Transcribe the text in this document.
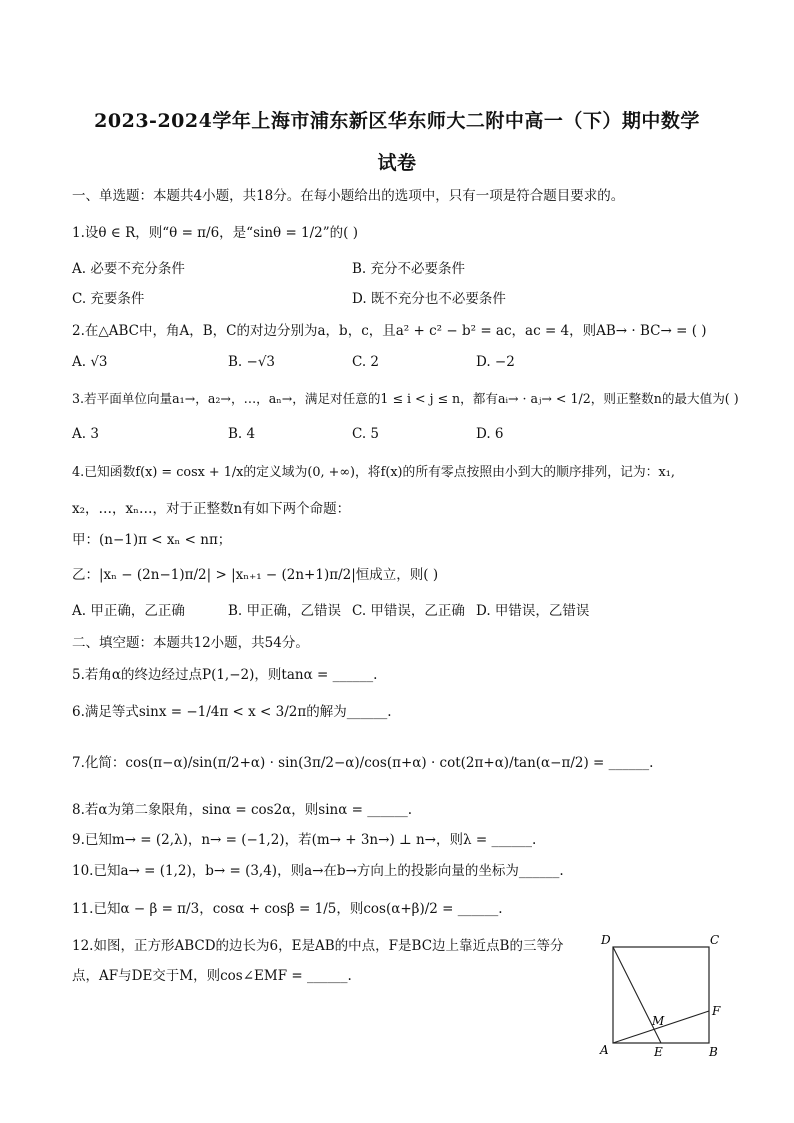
2023-2024学年上海市浦东新区华东师大二附中高一（下）期中数学
试卷
一、单选题：本题共4小题，共18分。在每小题给出的选项中，只有一项是符合题目要求的。
1.设θ ∈ R，则“θ = π/6，是“sinθ = 1/2”的( )
A. 必要不充分条件	B. 充分不必要条件
C. 充要条件	D. 既不充分也不必要条件
2.在△ABC中，角A，B，C的对边分别为a，b，c，且a² + c² − b² = ac，ac = 4，则AB→ · BC→ = ( )
A. √3	B. −√3	C. 2	D. −2
3.若平面单位向量a₁→，a₂→，…，aₙ→，满足对任意的1 ≤ i < j ≤ n，都有aᵢ→ · aⱼ→ < 1/2，则正整数n的最大值为( )
A. 3	B. 4	C. 5	D. 6
4.已知函数f(x) = cosx + 1/x的定义域为(0, +∞)，将f(x)的所有零点按照由小到大的顺序排列，记为：x₁,
x₂，…，xₙ…，对于正整数n有如下两个命题：
甲：(n−1)π < xₙ < nπ；
乙：|xₙ − (2n−1)π/2| > |xₙ₊₁ − (2n+1)π/2|恒成立，则( )
A. 甲正确，乙正确	B. 甲正确，乙错误 C. 甲错误，乙正确 D. 甲错误，乙错误
二、填空题：本题共12小题，共54分。
5.若角α的终边经过点P(1,−2)，则tanα = ______.
6.满足等式sinx = −1/4π < x < 3/2π的解为______.
7.化简：cos(π−α)/sin(π/2+α) · sin(3π/2−α)/cos(π+α) · cot(2π+α)/tan(α−π/2) = ______.
8.若α为第二象限角，sinα = cos2α，则sinα = ______.
9.已知m→ = (2,λ)，n→ = (−1,2)，若(m→ + 3n→) ⊥ n→，则λ = ______.
10.已知a→ = (1,2)，b→ = (3,4)，则a→在b→方向上的投影向量的坐标为______.
11.已知α − β = π/3，cosα + cosβ = 1/5，则cos(α+β)/2 = ______.
12.如图，正方形ABCD的边长为6，E是AB的中点，F是BC边上靠近点B的三等分
点，AF与DE交于M，则cos∠EMF = ______.
D	C
A	B
E
F
M
